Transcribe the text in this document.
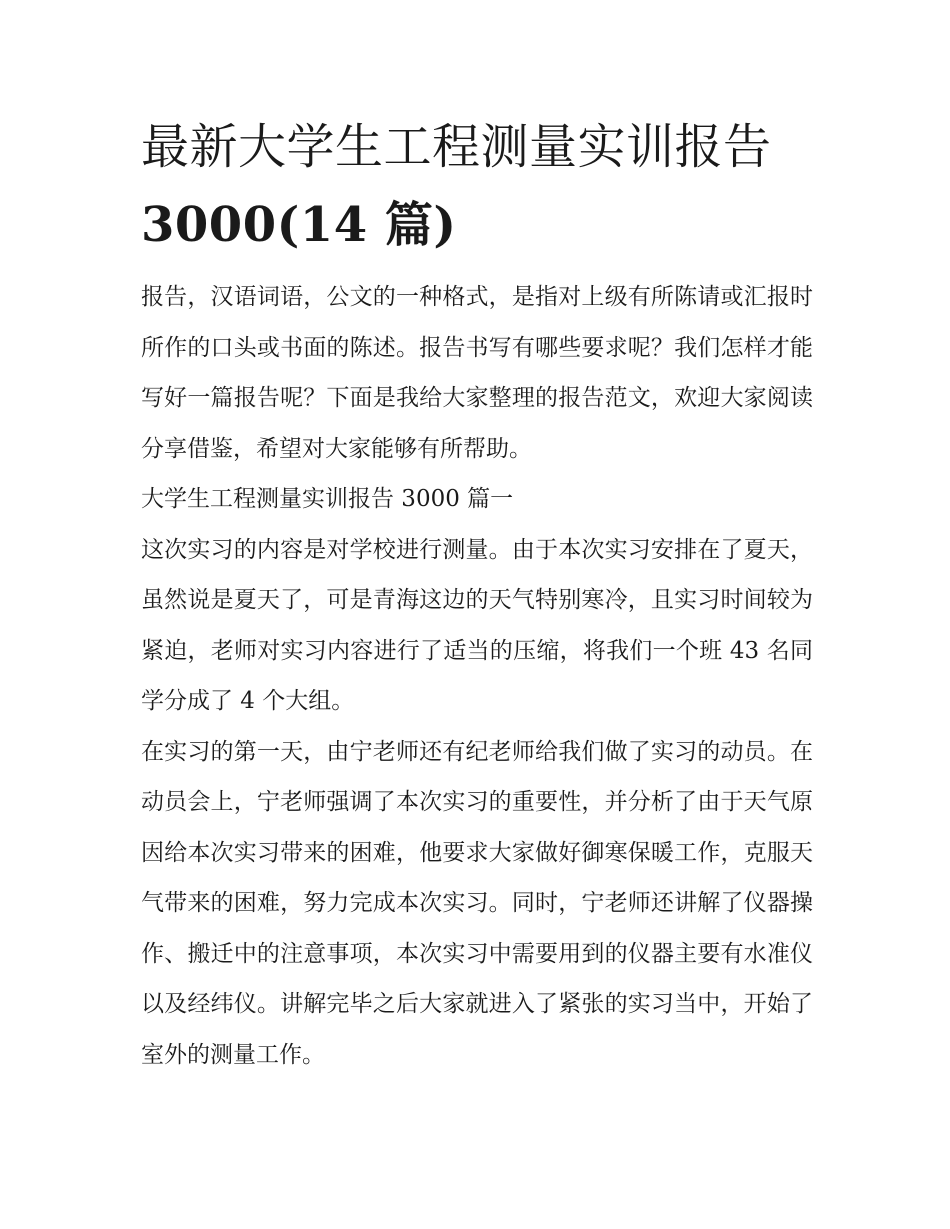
最新大学生工程测量实训报告
3000(14 篇)

报告，汉语词语，公文的一种格式，是指对上级有所陈请或汇报时所作的口头或书面的陈述。报告书写有哪些要求呢？我们怎样才能写好一篇报告呢？下面是我给大家整理的报告范文，欢迎大家阅读分享借鉴，希望对大家能够有所帮助。

大学生工程测量实训报告 3000 篇一

这次实习的内容是对学校进行测量。由于本次实习安排在了夏天，虽然说是夏天了，可是青海这边的天气特别寒冷，且实习时间较为紧迫，老师对实习内容进行了适当的压缩，将我们一个班 43 名同学分成了 4 个大组。

在实习的第一天，由宁老师还有纪老师给我们做了实习的动员。在动员会上，宁老师强调了本次实习的重要性，并分析了由于天气原因给本次实习带来的困难，他要求大家做好御寒保暖工作，克服天气带来的困难，努力完成本次实习。同时，宁老师还讲解了仪器操作、搬迁中的注意事项，本次实习中需要用到的仪器主要有水准仪以及经纬仪。讲解完毕之后大家就进入了紧张的实习当中，开始了室外的测量工作。
